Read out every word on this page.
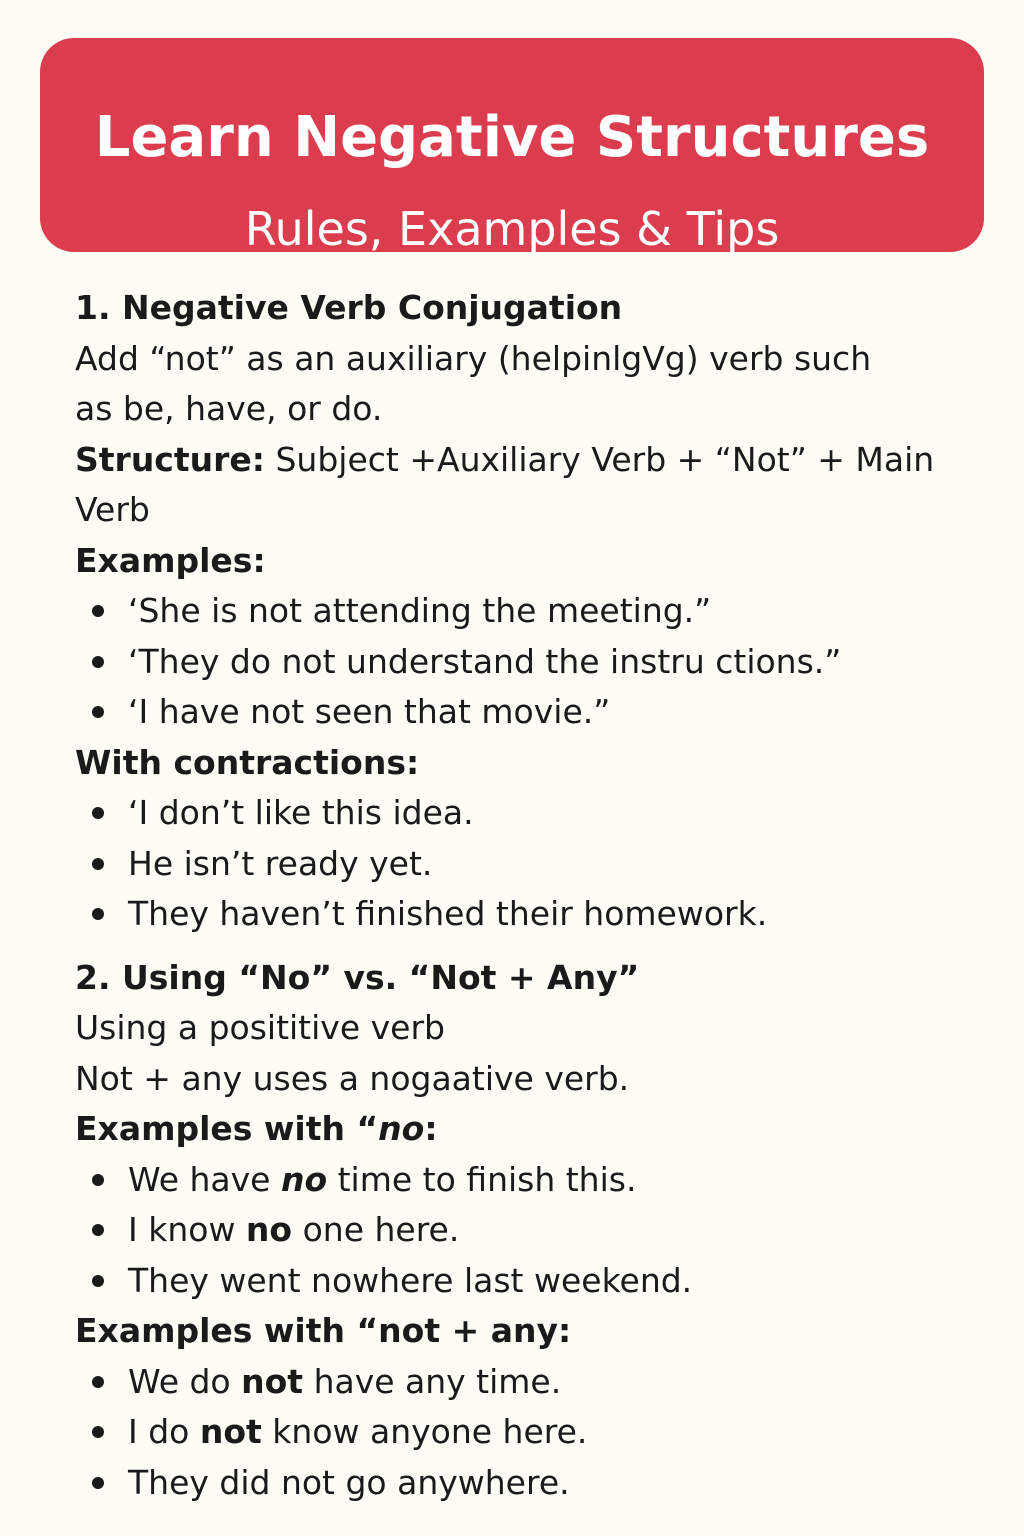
Learn Negative Structures
Rules, Examples & Tips
1. Negative Verb Conjugation
Add “not” as an auxiliary (helpinlgVg) verb such
as be, have, or do.
Structure: Subject +Auxiliary Verb + “Not” + Main
Verb
Examples:
‘She is not attending the meeting.”
‘They do not understand the instru ctions.”
‘I have not seen that movie.”
With contractions:
‘I don’t like this idea.
He isn’t ready yet.
They haven’t finished their homework.
2. Using “No” vs. “Not + Any”
Using a posititive verb
Not + any uses a nogaative verb.
Examples with “no:
We have no time to finish this.
I know no one here.
They went nowhere last weekend.
Examples with “not + any:
We do not have any time.
I do not know anyone here.
They did not go anywhere.
